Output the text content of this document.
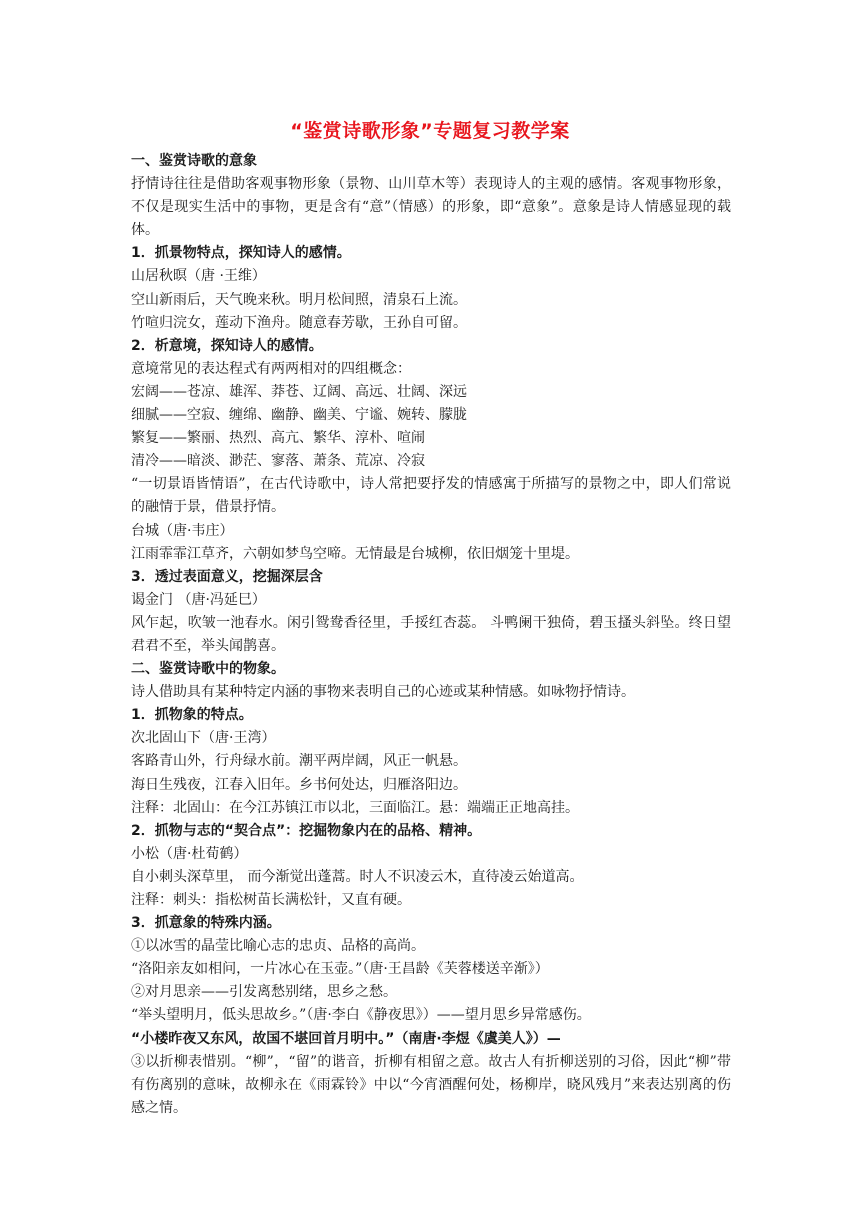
“鉴赏诗歌形象”专题复习教学案

一、鉴赏诗歌的意象

抒情诗往往是借助客观事物形象（景物、山川草木等）表现诗人的主观的感情。客观事物形象，不仅是现实生活中的事物，更是含有“意”（情感）的形象，即“意象”。意象是诗人情感显现的载体。

1．抓景物特点，探知诗人的感情。

山居秋暝（唐 ·王维）

空山新雨后，天气晚来秋。明月松间照，清泉石上流。

竹喧归浣女，莲动下渔舟。随意春芳歇，王孙自可留。

2．析意境，探知诗人的感情。

意境常见的表达程式有两两相对的四组概念：

宏阔——苍凉、雄浑、莽苍、辽阔、高远、壮阔、深远

细腻——空寂、缠绵、幽静、幽美、宁谧、婉转、朦胧

繁复——繁丽、热烈、高亢、繁华、淳朴、喧闹

清冷——暗淡、渺茫、寥落、萧条、荒凉、冷寂

“一切景语皆情语”，在古代诗歌中，诗人常把要抒发的情感寓于所描写的景物之中，即人们常说的融情于景，借景抒情。

台城（唐·韦庄）

江雨霏霏江草齐，六朝如梦鸟空啼。无情最是台城柳，依旧烟笼十里堤。

3．透过表面意义，挖掘深层含

谒金门 （唐·冯延巳）

风乍起，吹皱一池春水。闲引鸳鸯香径里，手挼红杏蕊。 斗鸭阑干独倚，碧玉搔头斜坠。终日望君君不至，举头闻鹊喜。

二、鉴赏诗歌中的物象。

诗人借助具有某种特定内涵的事物来表明自己的心迹或某种情感。如咏物抒情诗。

1．抓物象的特点。

次北固山下（唐·王湾）

客路青山外，行舟绿水前。潮平两岸阔，风正一帆悬。

海日生残夜，江春入旧年。乡书何处达，归雁洛阳边。

注释：北固山：在今江苏镇江市以北，三面临江。悬：端端正正地高挂。

2．抓物与志的“契合点”：挖掘物象内在的品格、精神。

小松（唐·杜荀鹤）

自小刺头深草里， 而今渐觉出蓬蒿。时人不识凌云木，直待凌云始道高。

注释：刺头：指松树苗长满松针，又直有硬。

3．抓意象的特殊内涵。

①以冰雪的晶莹比喻心志的忠贞、品格的高尚。

“洛阳亲友如相问，一片冰心在玉壶。”（唐·王昌龄《芙蓉楼送辛渐》）

②对月思亲——引发离愁别绪，思乡之愁。

“举头望明月，低头思故乡。”（唐·李白《静夜思》）——望月思乡异常感伤。

“小楼昨夜又东风，故国不堪回首月明中。”（南唐·李煜《虞美人》）—

③以折柳表惜别。“柳”，“留”的谐音，折柳有相留之意。故古人有折柳送别的习俗，因此“柳”带有伤离别的意味，故柳永在《雨霖铃》中以“今宵酒醒何处，杨柳岸，晓风残月”来表达别离的伤感之情。
